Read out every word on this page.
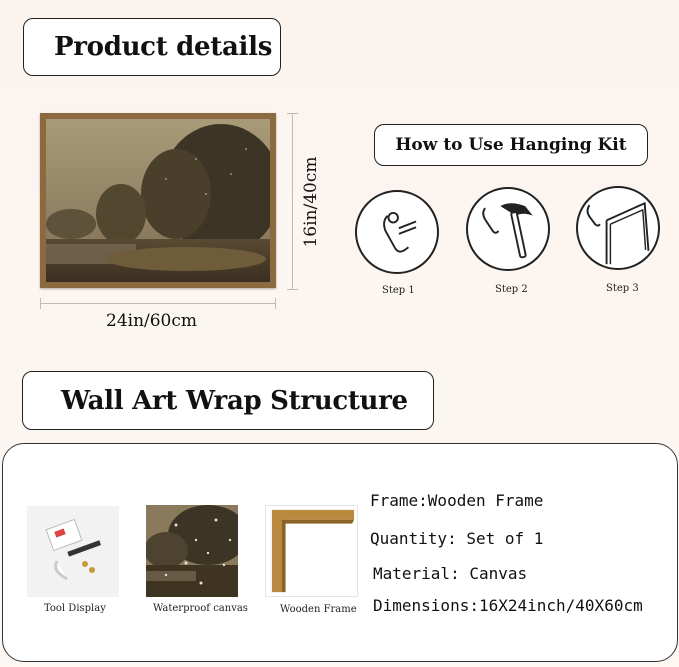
Product details
24in/60cm
16in/40cm
How to Use Hanging Kit
Step 1	Step 2	Step 3
Wall Art Wrap Structure
Tool Display	Waterproof canvas	Wooden Frame
Frame:Wooden Frame
Quantity: Set of 1
Material: Canvas
Dimensions:16X24inch/40X60cm
